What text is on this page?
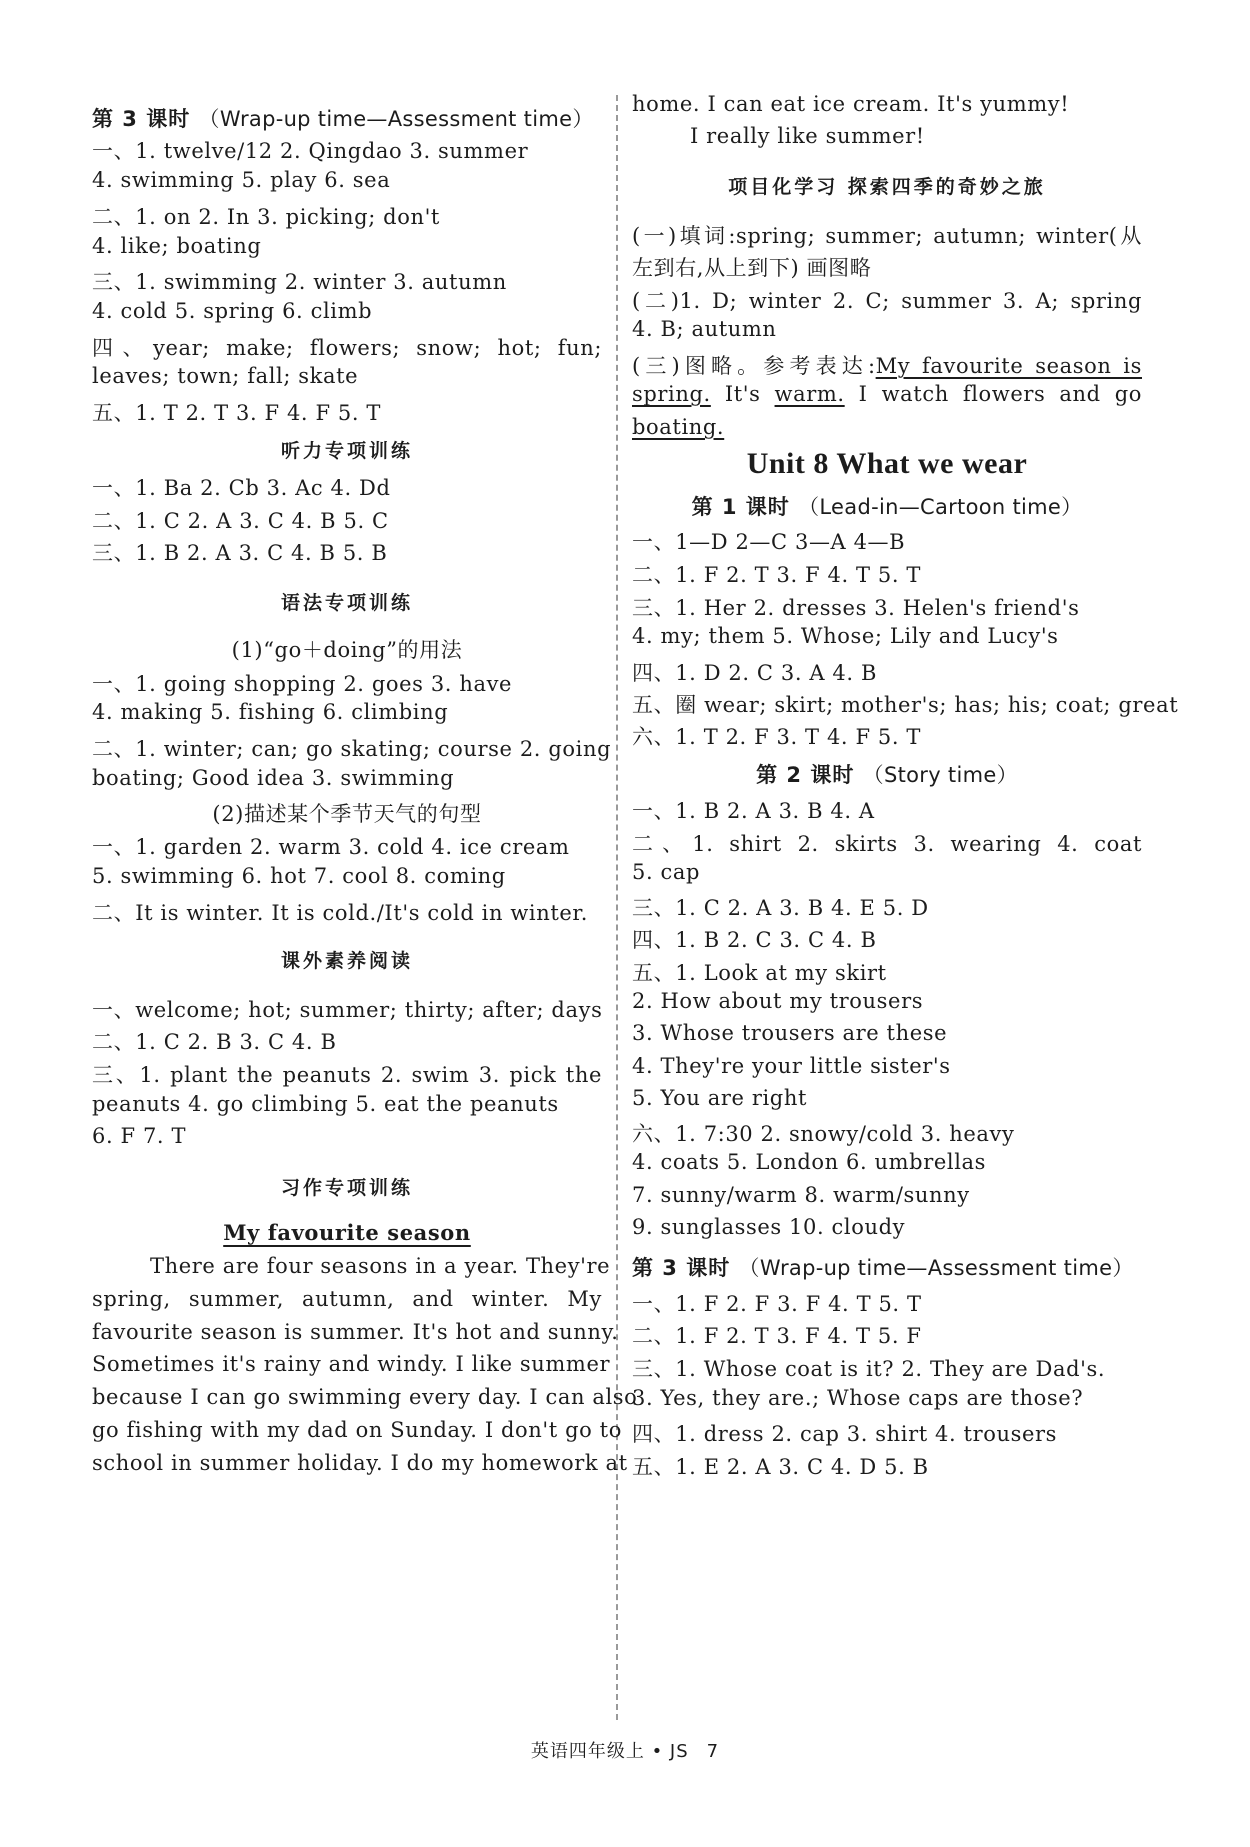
第 3 课时 （Wrap-up time—Assessment time）
一、1. twelve/12 2. Qingdao 3. summer
4. swimming 5. play 6. sea
二、1. on 2. In 3. picking; don't
4. like; boating
三、1. swimming 2. winter 3. autumn
4. cold 5. spring 6. climb
四、year; make; flowers; snow; hot; fun;
leaves; town; fall; skate
五、1. T 2. T 3. F 4. F 5. T
听力专项训练
一、1. Ba 2. Cb 3. Ac 4. Dd
二、1. C 2. A 3. C 4. B 5. C
三、1. B 2. A 3. C 4. B 5. B
语法专项训练
(1)“go＋doing”的用法
一、1. going shopping 2. goes 3. have
4. making 5. fishing 6. climbing
二、1. winter; can; go skating; course 2. going
boating; Good idea 3. swimming
(2)描述某个季节天气的句型
一、1. garden 2. warm 3. cold 4. ice cream
5. swimming 6. hot 7. cool 8. coming
二、It is winter. It is cold./It's cold in winter.
课外素养阅读
一、welcome; hot; summer; thirty; after; days
二、1. C 2. B 3. C 4. B
三、1. plant the peanuts 2. swim 3. pick the
peanuts 4. go climbing 5. eat the peanuts
6. F 7. T
习作专项训练
My favourite season
There are four seasons in a year. They're
spring, summer, autumn, and winter. My
favourite season is summer. It's hot and sunny.
Sometimes it's rainy and windy. I like summer
because I can go swimming every day. I can also
go fishing with my dad on Sunday. I don't go to
school in summer holiday. I do my homework at
home. I can eat ice cream. It's yummy!
I really like summer!
项目化学习 探索四季的奇妙之旅
(一)填词:spring; summer; autumn; winter(从
左到右,从上到下) 画图略
(二)1. D; winter 2. C; summer 3. A; spring
4. B; autumn
(三)图略。参考表达:My favourite season is
spring. It's warm. I watch flowers and go
boating.
Unit 8 What we wear
第 1 课时 （Lead-in—Cartoon time）
一、1—D 2—C 3—A 4—B
二、1. F 2. T 3. F 4. T 5. T
三、1. Her 2. dresses 3. Helen's friend's
4. my; them 5. Whose; Lily and Lucy's
四、1. D 2. C 3. A 4. B
五、圈 wear; skirt; mother's; has; his; coat; great
六、1. T 2. F 3. T 4. F 5. T
第 2 课时 （Story time）
一、1. B 2. A 3. B 4. A
二、1. shirt 2. skirts 3. wearing 4. coat
5. cap
三、1. C 2. A 3. B 4. E 5. D
四、1. B 2. C 3. C 4. B
五、1. Look at my skirt
2. How about my trousers
3. Whose trousers are these
4. They're your little sister's
5. You are right
六、1. 7:30 2. snowy/cold 3. heavy
4. coats 5. London 6. umbrellas
7. sunny/warm 8. warm/sunny
9. sunglasses 10. cloudy
第 3 课时 （Wrap-up time—Assessment time）
一、1. F 2. F 3. F 4. T 5. T
二、1. F 2. T 3. F 4. T 5. F
三、1. Whose coat is it? 2. They are Dad's.
3. Yes, they are.; Whose caps are those?
四、1. dress 2. cap 3. shirt 4. trousers
五、1. E 2. A 3. C 4. D 5. B
英语四年级上 • JS 7
